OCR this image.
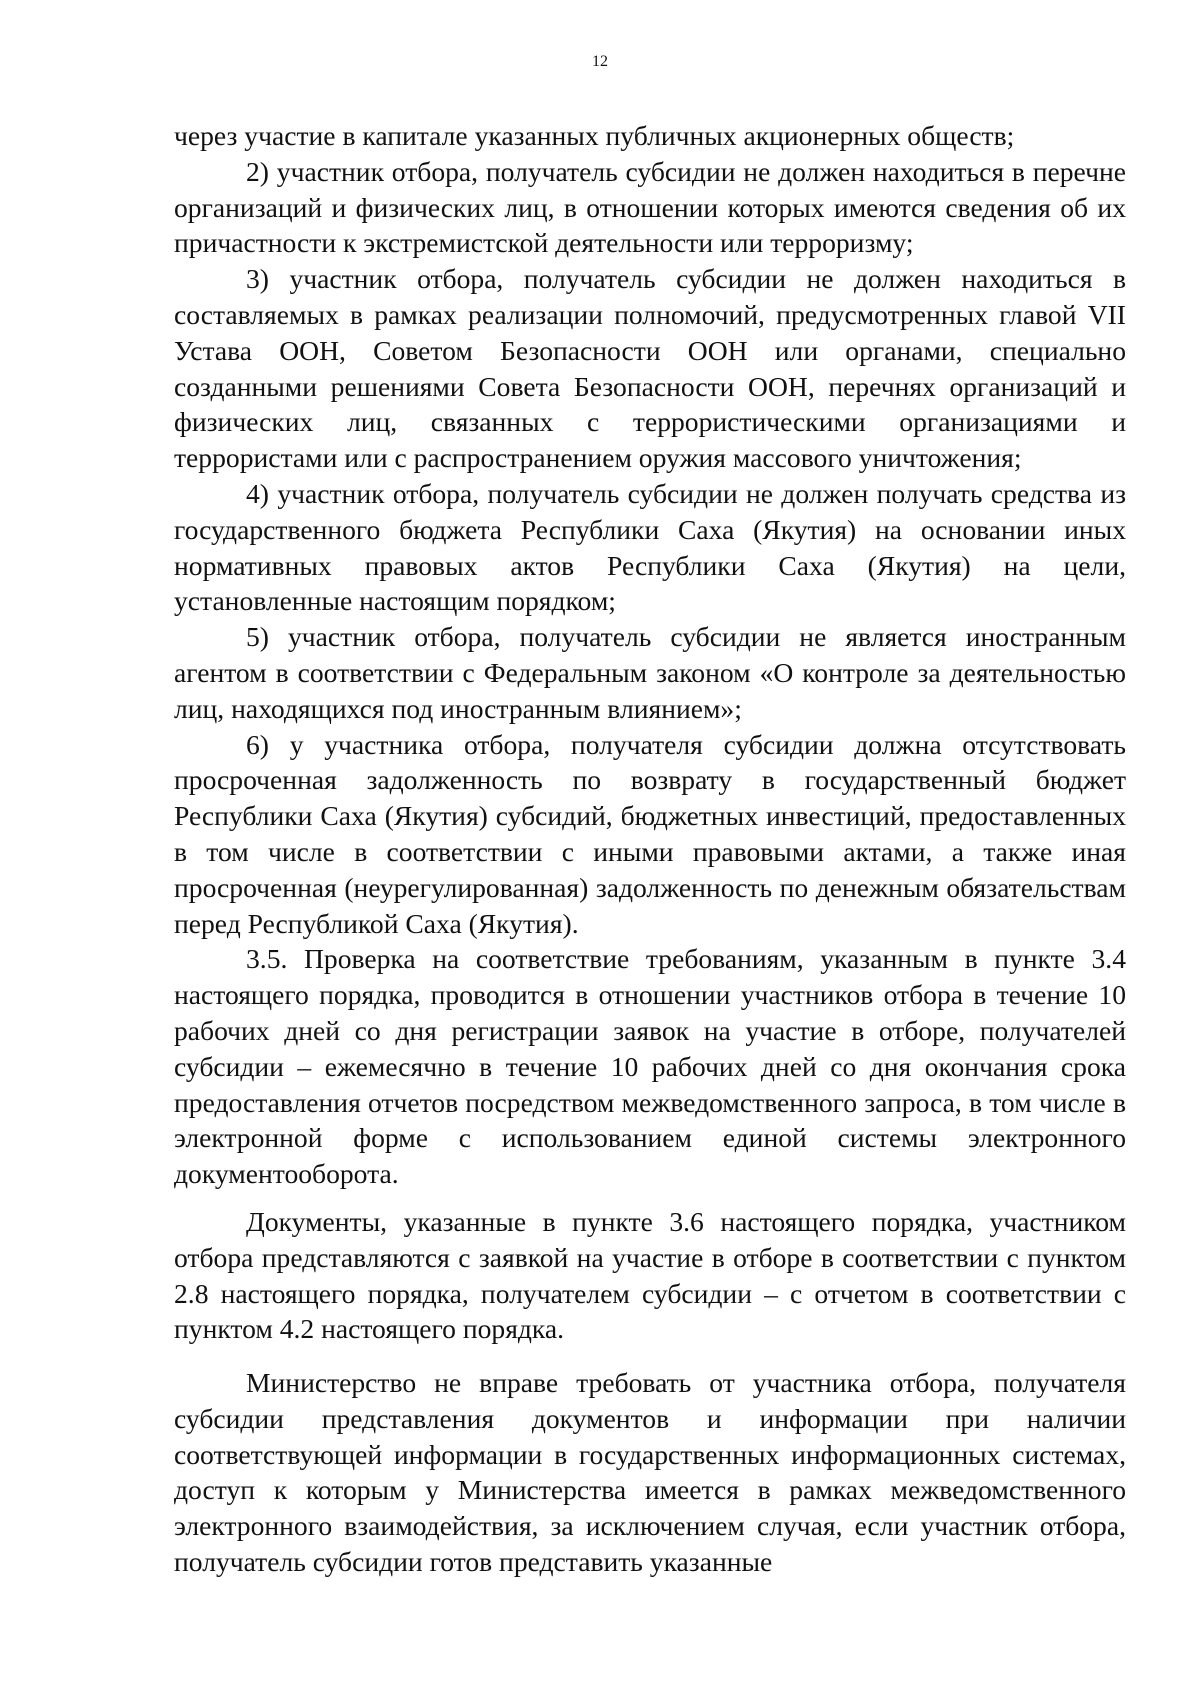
12

через участие в капитале указанных публичных акционерных обществ;

2) участник отбора, получатель субсидии не должен находиться в перечне организаций и физических лиц, в отношении которых имеются сведения об их причастности к экстремистской деятельности или терроризму;

3) участник отбора, получатель субсидии не должен находиться в составляемых в рамках реализации полномочий, предусмотренных главой VII Устава ООН, Советом Безопасности ООН или органами, специально созданными решениями Совета Безопасности ООН, перечнях организаций и физических лиц, связанных с террористическими организациями и террористами или с распространением оружия массового уничтожения;

4) участник отбора, получатель субсидии не должен получать средства из государственного бюджета Республики Саха (Якутия) на основании иных нормативных правовых актов Республики Саха (Якутия) на цели, установленные настоящим порядком;

5) участник отбора, получатель субсидии не является иностранным агентом в соответствии с Федеральным законом «О контроле за деятельностью лиц, находящихся под иностранным влиянием»;

6) у участника отбора, получателя субсидии должна отсутствовать просроченная задолженность по возврату в государственный бюджет Республики Саха (Якутия) субсидий, бюджетных инвестиций, предоставленных в том числе в соответствии с иными правовыми актами, а также иная просроченная (неурегулированная) задолженность по денежным обязательствам перед Республикой Саха (Якутия).

3.5. Проверка на соответствие требованиям, указанным в пункте 3.4 настоящего порядка, проводится в отношении участников отбора в течение 10 рабочих дней со дня регистрации заявок на участие в отборе, получателей субсидии – ежемесячно в течение 10 рабочих дней со дня окончания срока предоставления отчетов посредством межведомственного запроса, в том числе в электронной форме с использованием единой системы электронного документооборота.

Документы, указанные в пункте 3.6 настоящего порядка, участником отбора представляются с заявкой на участие в отборе в соответствии с пунктом 2.8 настоящего порядка, получателем субсидии – с отчетом в соответствии с пунктом 4.2 настоящего порядка.

Министерство не вправе требовать от участника отбора, получателя субсидии представления документов и информации при наличии соответствующей информации в государственных информационных системах, доступ к которым у Министерства имеется в рамках межведомственного электронного взаимодействия, за исключением случая, если участник отбора, получатель субсидии готов представить указанные
